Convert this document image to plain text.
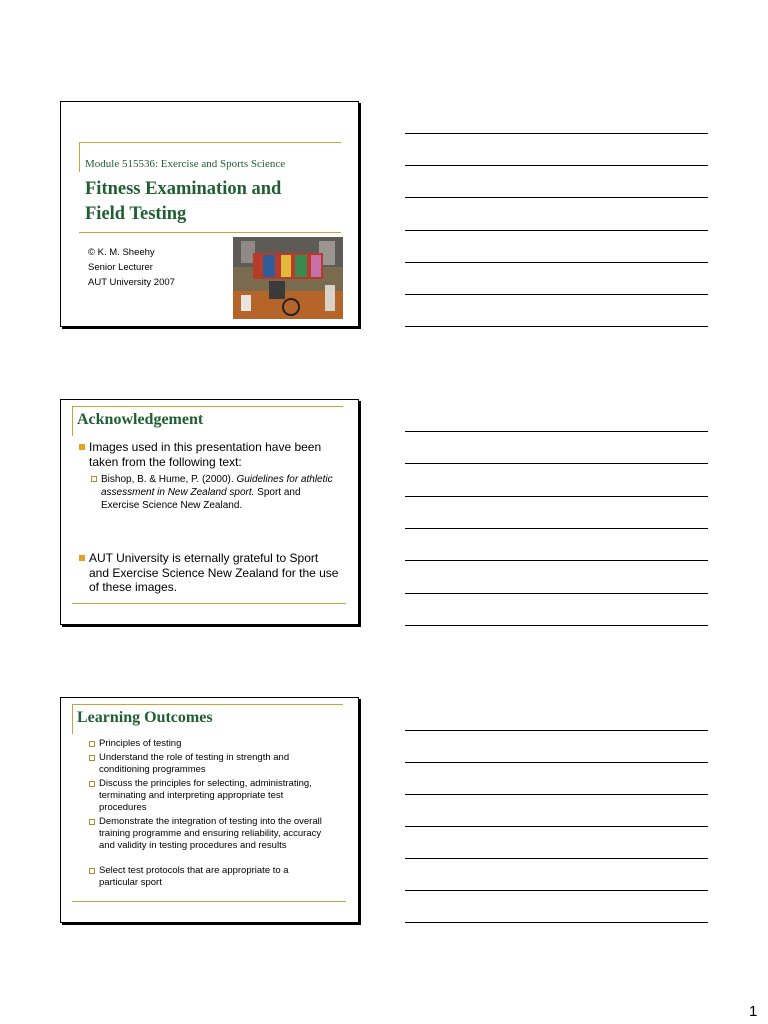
Module 515536: Exercise and Sports Science
Fitness Examination and Field Testing
© K. M. Sheehy
Senior Lecturer
AUT University 2007
Acknowledgement
Images used in this presentation have been taken from the following text:
Bishop, B. & Hume, P. (2000). Guidelines for athletic assessment in New Zealand sport. Sport and Exercise Science New Zealand.
AUT University is eternally grateful to Sport and Exercise Science New Zealand for the use of these images.
Learning Outcomes
Principles of testing
Understand the role of testing in strength and conditioning programmes
Discuss the principles for selecting, administrating, terminating and interpreting appropriate test procedures
Demonstrate the integration of testing into the overall training programme and ensuring reliability, accuracy and validity in testing procedures and results
Select test protocols that are appropriate to a particular sport
1
